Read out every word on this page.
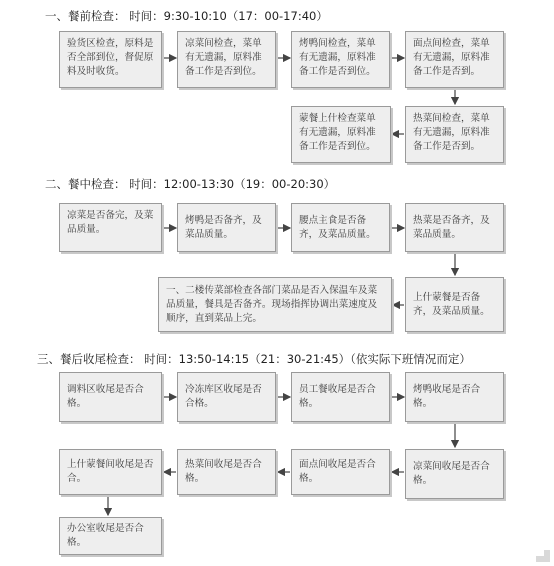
一、餐前检查： 时间：9:30-10:10（17：00-17:40）
二、餐中检查： 时间：12:00-13:30（19：00-20:30）
三、餐后收尾检查： 时间：13:50-14:15（21：30-21:45）（依实际下班情况而定）
验货区检查，原料是否全部到位，督促原料及时收货。
凉菜间检查，菜单有无遗漏，原料准备工作是否到位。
烤鸭间检查，菜单有无遗漏，原料准备工作是否到位。
面点间检查，菜单有无遗漏，原料准备工作是否到。
热菜间检查，菜单有无遗漏，原料准备工作是否到。
蒙餐上什检查菜单有无遗漏，原料准备工作是否到位。
凉菜是否备完，及菜品质量。
烤鸭是否备齐，及菜品质量。
腰点主食是否备齐，及菜品质量。
热菜是否备齐，及菜品质量。
上什蒙餐是否备齐，及菜品质量。
一、二楼传菜部检查各部门菜品是否入保温车及菜品质量，餐具是否备齐。现场指挥协调出菜速度及顺序，直到菜品上完。
调料区收尾是否合格。
冷冻库区收尾是否合格。
员工餐收尾是否合格。
烤鸭收尾是否合格。
凉菜间收尾是否合格。
面点间收尾是否合格。
热菜间收尾是否合格。
上什蒙餐间收尾是否合。
办公室收尾是否合格。
